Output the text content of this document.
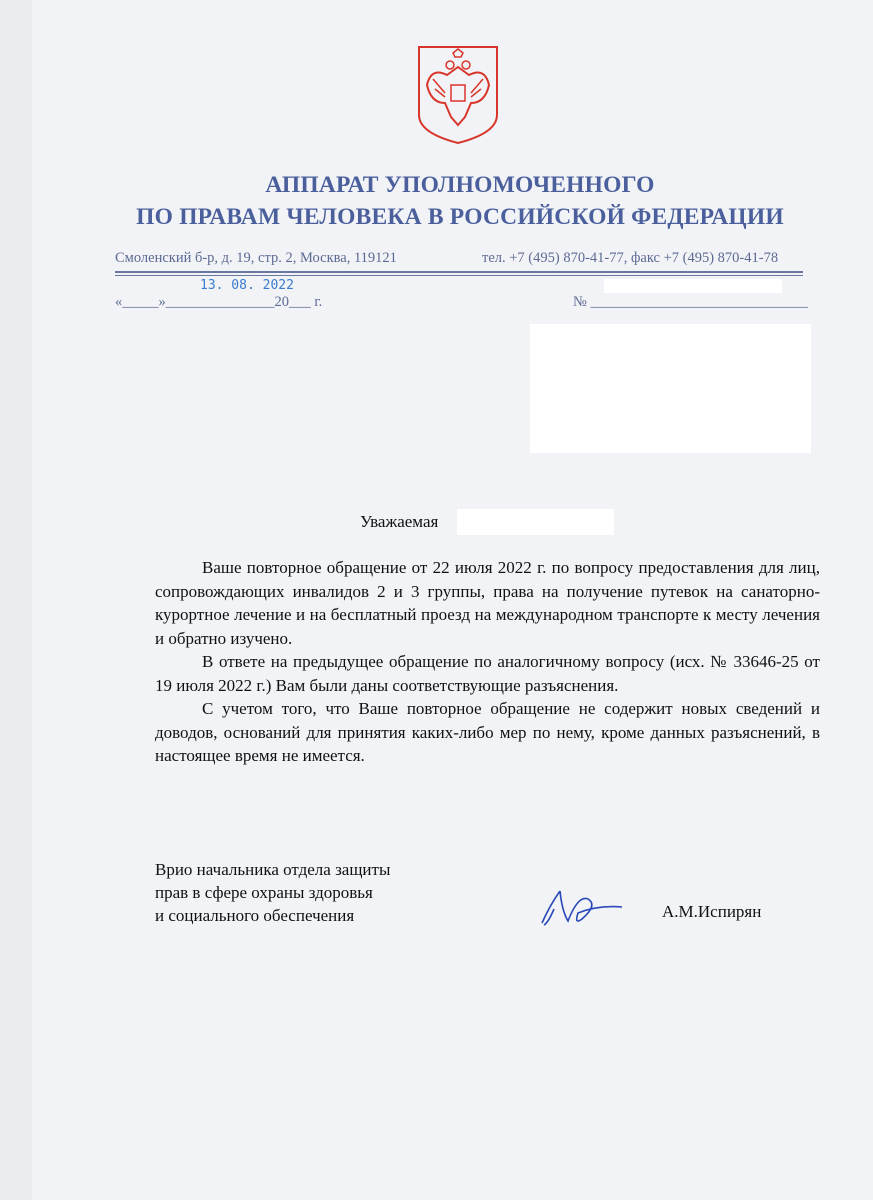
АППАРАТ УПОЛНОМОЧЕННОГО
ПО ПРАВАМ ЧЕЛОВЕКА В РОССИЙСКОЙ ФЕДЕРАЦИИ
Смоленский б-р, д. 19, стр. 2, Москва, 119121	тел. +7 (495) 870-41-77, факс +7 (495) 870-41-78
«_____»_______________20___ г.
13. 08. 2022
№ ______________________________
Уважаемая

Ваше повторное обращение от 22 июля 2022 г. по вопросу предоставления для лиц, сопровождающих инвалидов 2 и 3 группы, права на получение путевок на санаторно-курортное лечение и на бесплатный проезд на международном транспорте к месту лечения и обратно изучено.

В ответе на предыдущее обращение по аналогичному вопросу (исх. № 33646-25 от 19 июля 2022 г.) Вам были даны соответствующие разъяснения.

С учетом того, что Ваше повторное обращение не содержит новых сведений и доводов, оснований для принятия каких-либо мер по нему, кроме данных разъяснений, в настоящее время не имеется.

Врио начальника отдела защиты
прав в сфере охраны здоровья
и социального обеспечения	А.М.Испирян
